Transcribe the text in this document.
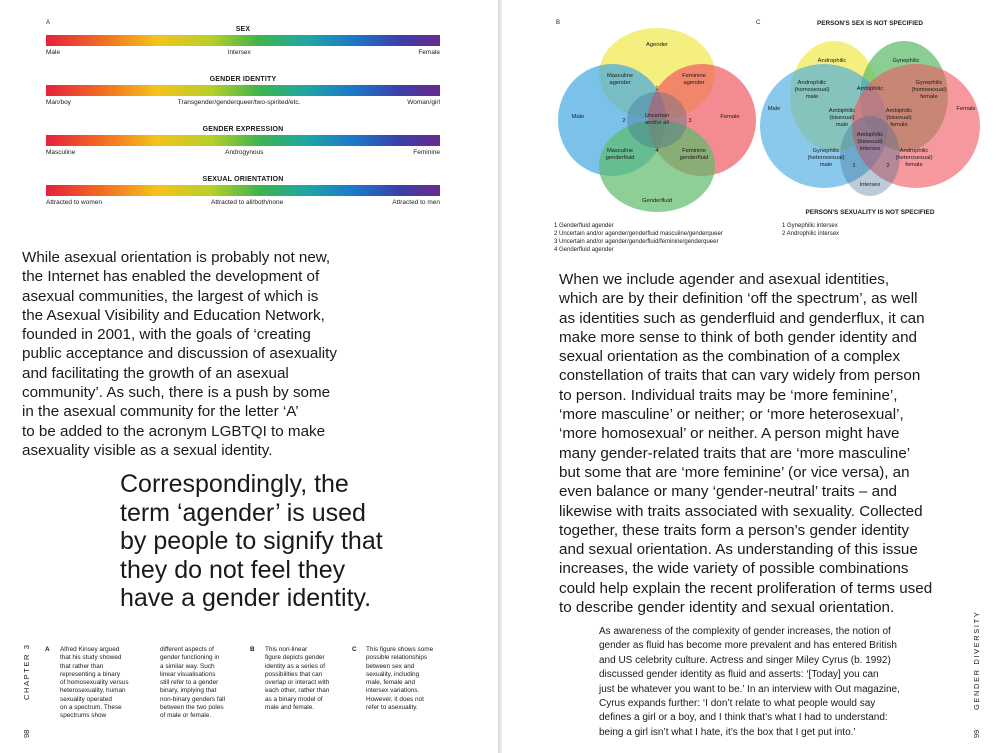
A
SEX
Male	Intersex	Female
GENDER IDENTITY
Man/boy	Transgender/genderqueer/two-spirited/etc.	Woman/girl
GENDER EXPRESSION
Masculine	Androgynous	Feminine
SEXUAL ORIENTATION
Attracted to women	Attracted to all/both/none	Attracted to men

While asexual orientation is probably not new,
the Internet has enabled the development of
asexual communities, the largest of which is
the Asexual Visibility and Education Network,
founded in 2001, with the goals of ‘creating
public acceptance and discussion of asexuality
and facilitating the growth of an asexual
community’. As such, there is a push by some
in the asexual community for the letter ‘A’
to be added to the acronym LGBTQI to make
asexuality visible as a sexual identity.

Correspondingly, the
term ‘agender’ is used
by people to signify that
they do not feel they
have a gender identity.

CHAPTER 3
98
A Alfred Kinsey argued
that his study showed
that rather than
representing a binary
of homosexuality versus
heterosexuality, human
sexuality operated
on a spectrum. These
spectrums show
different aspects of
gender functioning in
a similar way. Such
linear visualisations
still refer to a gender
binary, implying that
non-binary genders fall
between the two poles
of male or female.
B This non-linear
figure depicts gender
identity as a series of
possibilities that can
overlap or interact with
each other, rather than
as a binary model of
male and female.
C This figure shows some
possible relationships
between sex and
sexuality, including
male, female and
intersex variations.
However, it does not
refer to asexuality.
B
Agender
Male	Female
Genderfluid
Masculine
agender
Feminine
agender
Masculine
genderfluid
Feminine
genderfluid
Uncertain
and/or all
1
2	3
4
1 Genderfluid agender
2 Uncertain and/or agender/genderfluid masculine/genderqueer
3 Uncertain and/or agender/genderfluid/feminine/genderqueer
4 Genderfluid agender
C	PERSON'S SEX IS NOT SPECIFIED
Androphilic	Gynephilic
Ambiphilic
Male	Female
Intersex
Androphilic
(homosexual)
male
Gynephilic
(homosexual)
female
Ambiphilic
(bisexual)
male
Ambiphilic
(bisexual)
female
Ambiphilic
(bisexual)
intersex
Gynephilic
(heterosexual)
male
Androphilic
(heterosexual)
female
1	2
PERSON'S SEXUALITY IS NOT SPECIFIED
1 Gynephilic intersex
2 Androphilic intersex

When we include agender and asexual identities,
which are by their definition ‘off the spectrum’, as well
as identities such as genderfluid and genderflux, it can
make more sense to think of both gender identity and
sexual orientation as the combination of a complex
constellation of traits that can vary widely from person
to person. Individual traits may be ‘more feminine’,
‘more masculine’ or neither; or ‘more heterosexual’,
‘more homosexual’ or neither. A person might have
many gender-related traits that are ‘more masculine’
but some that are ‘more feminine’ (or vice versa), an
even balance or many ‘gender-neutral’ traits – and
likewise with traits associated with sexuality. Collected
together, these traits form a person’s gender identity
and sexual orientation. As understanding of this issue
increases, the wide variety of possible combinations
could help explain the recent proliferation of terms used
to describe gender identity and sexual orientation.

As awareness of the complexity of gender increases, the notion of
gender as fluid has become more prevalent and has entered British
and US celebrity culture. Actress and singer Miley Cyrus (b. 1992)
discussed gender identity as fluid and asserts: ‘[Today] you can
just be whatever you want to be.’ In an interview with Out magazine,
Cyrus expands further: ‘I don’t relate to what people would say
defines a girl or a boy, and I think that’s what I had to understand:
being a girl isn’t what I hate, it’s the box that I get put into.’

GENDER DIVERSITY
99
